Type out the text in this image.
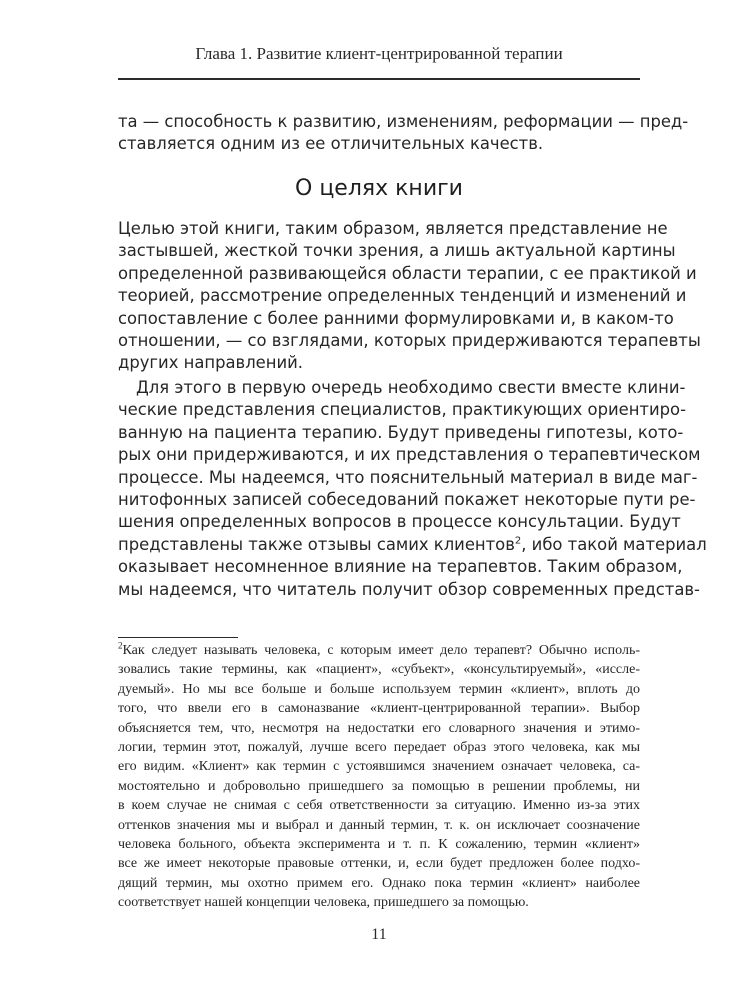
Глава 1. Развитие клиент-центрированной терапии
та — способность к развитию, изменениям, реформации — пред-
ставляется одним из ее отличительных качеств.
О целях книги
Целью этой книги, таким образом, является представление не
застывшей, жесткой точки зрения, а лишь актуальной картины
определенной развивающейся области терапии, с ее практикой и
теорией, рассмотрение определенных тенденций и изменений и
сопоставление с более ранними формулировками и, в каком-то
отношении, — со взглядами, которых придерживаются терапевты
других направлений.
Для этого в первую очередь необходимо свести вместе клини-
ческие представления специалистов, практикующих ориентиро-
ванную на пациента терапию. Будут приведены гипотезы, кото-
рых они придерживаются, и их представления о терапевтическом
процессе. Мы надеемся, что пояснительный материал в виде маг-
нитофонных записей собеседований покажет некоторые пути ре-
шения определенных вопросов в процессе консультации. Будут
представлены также отзывы самих клиентов$^2$, ибо такой материал
оказывает несомненное влияние на терапевтов. Таким образом,
мы надеемся, что читатель получит обзор современных представ-
$^2$Как следует называть человека, с которым имеет дело терапевт? Обычно исполь-
зовались такие термины, как «пациент», «субъект», «консультируемый», «иссле-
дуемый». Но мы все больше и больше используем термин «клиент», вплоть до
того, что ввели его в самоназвание «клиент-центрированной терапии». Выбор
объясняется тем, что, несмотря на недостатки его словарного значения и этимо-
логии, термин этот, пожалуй, лучше всего передает образ этого человека, как мы
его видим. «Клиент» как термин с устоявшимся значением означает человека, са-
мостоятельно и добровольно пришедшего за помощью в решении проблемы, ни
в коем случае не снимая с себя ответственности за ситуацию. Именно из-за этих
оттенков значения мы и выбрал и данный термин, т. к. он исключает соозначение
человека больного, объекта эксперимента и т. п. К сожалению, термин «клиент»
все же имеет некоторые правовые оттенки, и, если будет предложен более подхо-
дящий термин, мы охотно примем его. Однако пока термин «клиент» наиболее
соответствует нашей концепции человека, пришедшего за помощью.
11
